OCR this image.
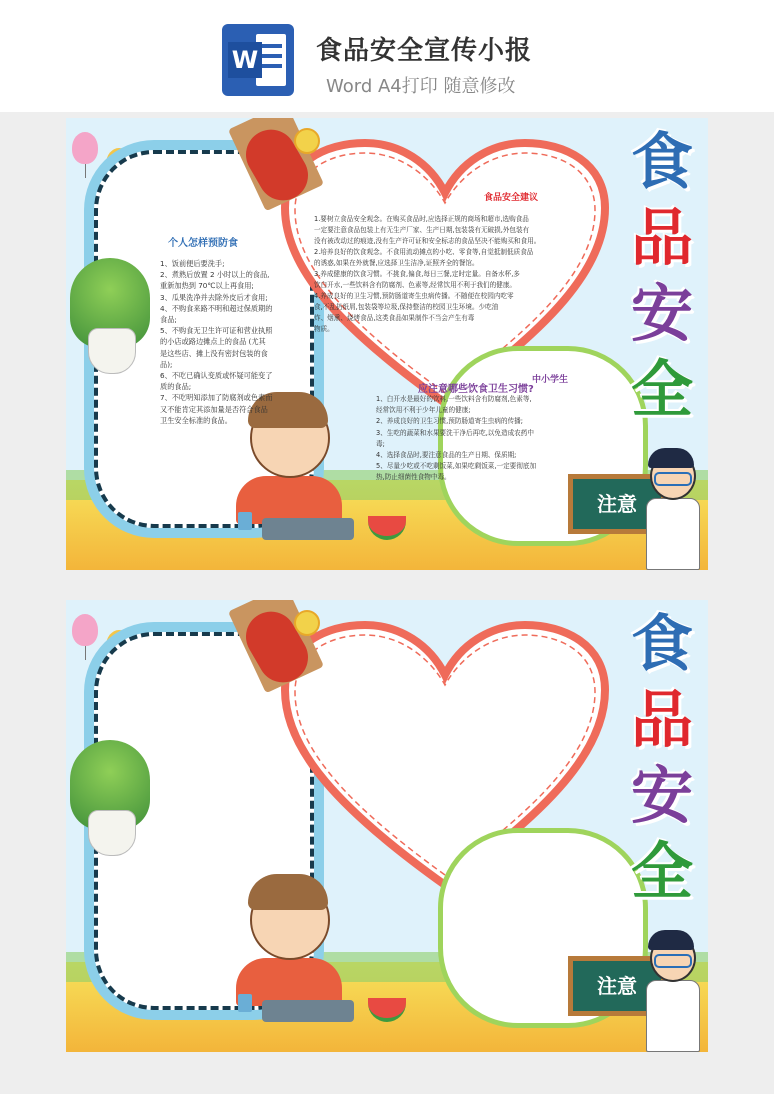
W 食品安全宣传小报
Word A4打印 随意修改
食
品
安
全
注意
个人怎样预防食
1、饭前便后要洗手;
2、煮熟后放置 2 小时以上的食品,
重新加热到 70℃以上再食用;
3、瓜果洗净并去除外皮后才食用;
4、不购食来路不明和超过保质期的
食品;
5、不购食无卫生许可证和营业执照
的小店或路边摊点上的食品 (尤其
是这些店、摊上没有密封包装的食
品);
6、不吃已确认变质或怀疑可能变了
质的食品;
7、不吃明知添加了防腐剂或色素而
又不能肯定其添加量是否符合食品
卫生安全标准的食品。
食品安全建议
1.要树立食品安全观念。在购买食品时,应选择正规的商场和超市,选购食品
一定要注意食品包装上有无生产厂家、生产日期,包装袋有无破损,外包装有
没有被改动过的痕迹,没有生产许可证和安全标志的食品坚决不能购买和食用。
2.培养良好的饮食观念。不食用流动摊点的小吃、零食等,自觉抵制低质食品
的诱惑,如果在外就餐,应选择卫生洁净,证照齐全的餐馆。
3.养成健康的饮食习惯。不挑食,偏食,每日三餐,定时定量。自备水杯,多
饮白开水,一些饮料含有防腐剂、色素等,经常饮用不利于我们的健康。
4.养成良好的卫生习惯,预防肠道寄生虫病传播。不随便在校园内吃零
食,不乱扔纸屑,包装袋等垃圾,保持整洁的校园卫生环境。少吃油
炸、烟熏、烧烤食品,这类食品如果制作不当会产生有毒
物质。
中小学生
应注意哪些饮食卫生习惯?
1、白开水是最好的饮料,一些饮料含有防腐剂,色素等,
经常饮用不利于少年儿童的健康;
2、养成良好的卫生习惯,预防肠道寄生虫病的传播;
3、生吃的蔬菜和水果要洗干净后再吃,以免造成农药中
毒;
4、选择食品时,要注意食品的生产日期、保质期;
5、尽量少吃或不吃剩饭菜,如果吃剩饭菜,一定要彻底加
热,防止细菌性食物中毒。
食
品
安
全
注意
